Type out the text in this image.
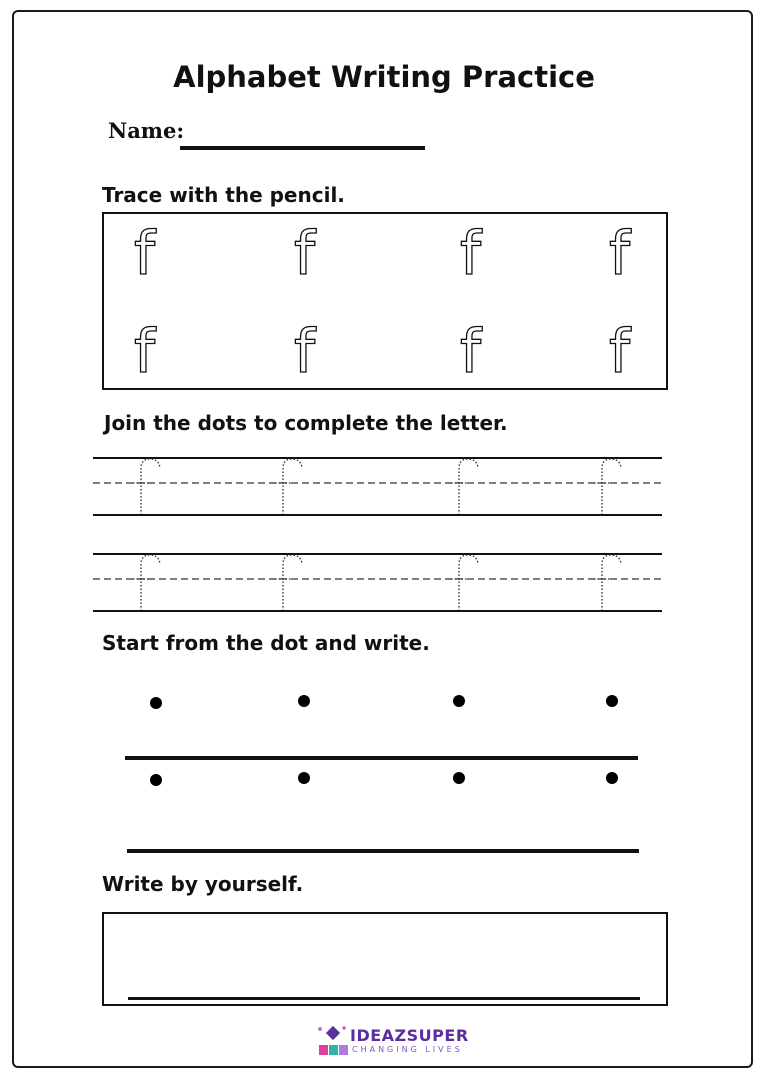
Alphabet Writing Practice
Name:
Trace with the pencil.
f f f f
f f f f
Join the dots to complete the letter.
Start from the dot and write.
Write by yourself.
IDEAZSUPER
CHANGING LIVES
